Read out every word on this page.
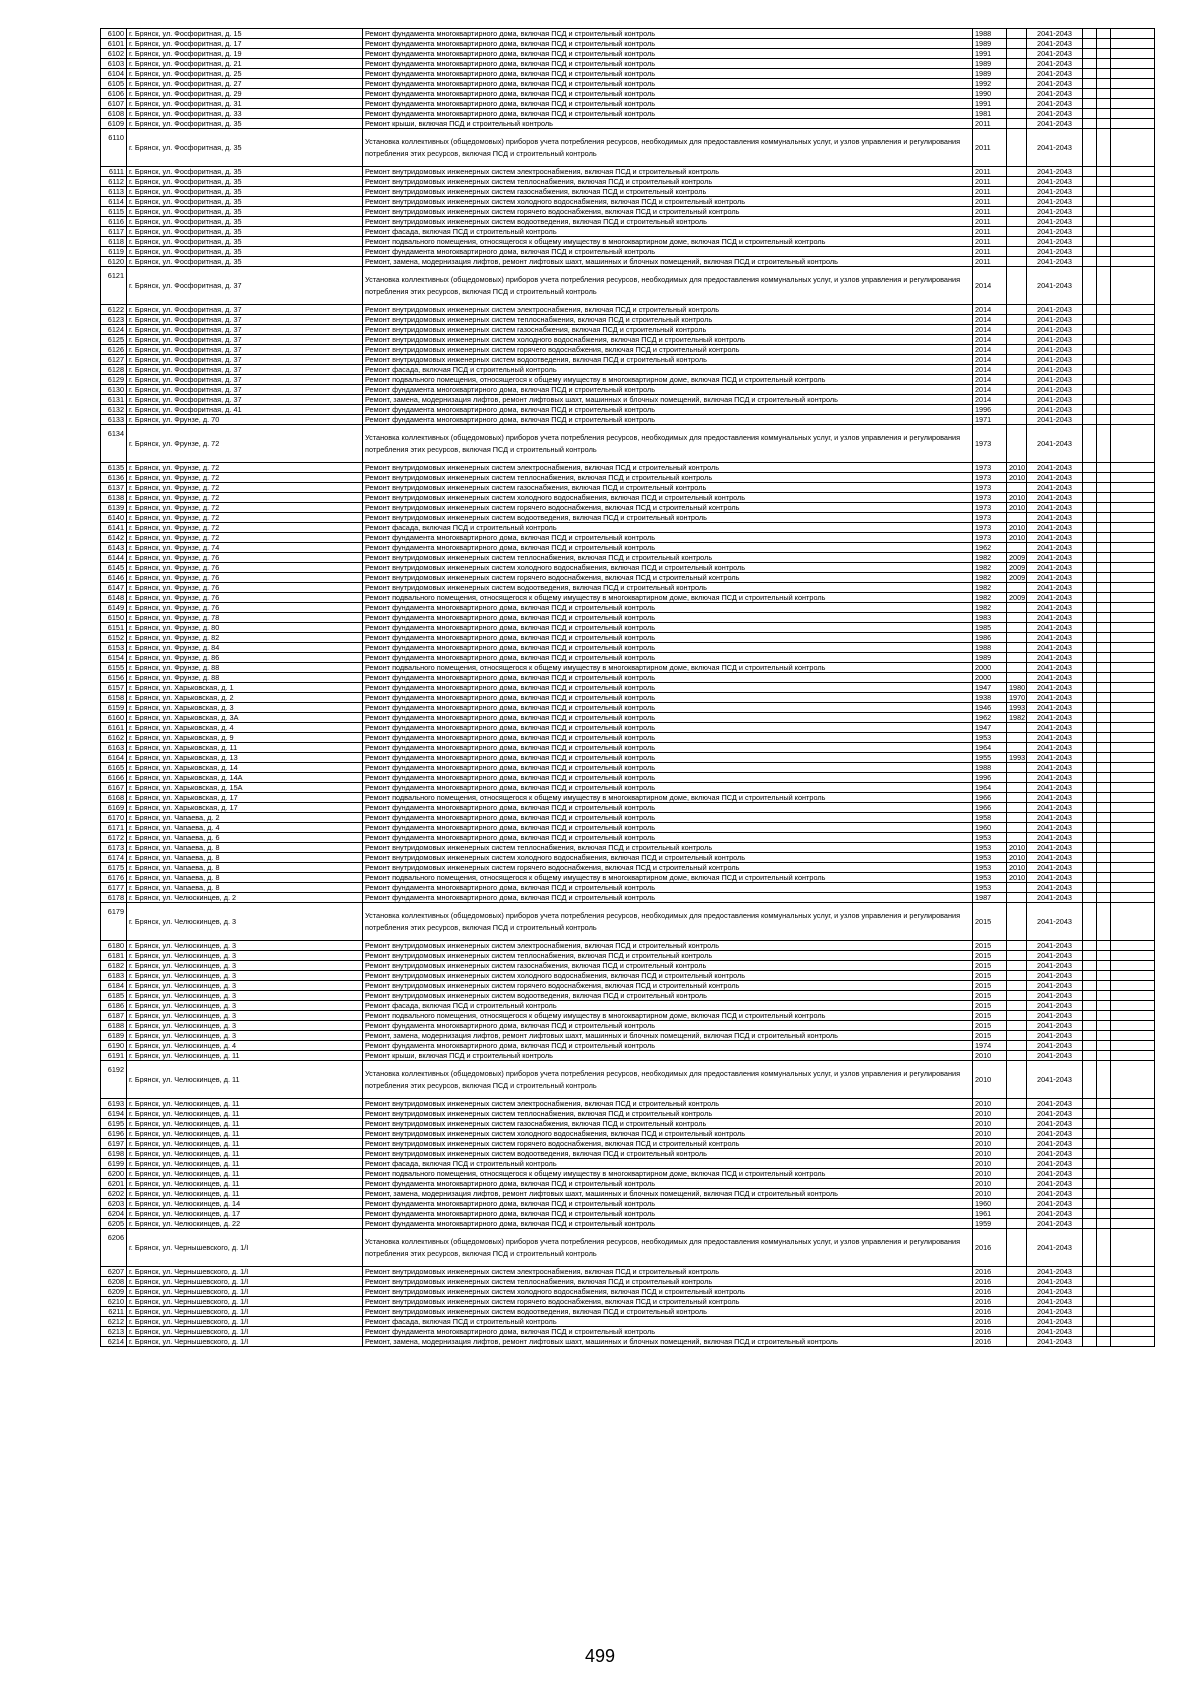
6100	г. Брянск, ул. Фосфоритная, д. 15	Ремонт фундамента многоквартирного дома, включая ПСД и строительный контроль	1988		2041-2043			
6101	г. Брянск, ул. Фосфоритная, д. 17	Ремонт фундамента многоквартирного дома, включая ПСД и строительный контроль	1989		2041-2043			
6102	г. Брянск, ул. Фосфоритная, д. 19	Ремонт фундамента многоквартирного дома, включая ПСД и строительный контроль	1991		2041-2043			
6103	г. Брянск, ул. Фосфоритная, д. 21	Ремонт фундамента многоквартирного дома, включая ПСД и строительный контроль	1989		2041-2043			
6104	г. Брянск, ул. Фосфоритная, д. 25	Ремонт фундамента многоквартирного дома, включая ПСД и строительный контроль	1989		2041-2043			
6105	г. Брянск, ул. Фосфоритная, д. 27	Ремонт фундамента многоквартирного дома, включая ПСД и строительный контроль	1992		2041-2043			
6106	г. Брянск, ул. Фосфоритная, д. 29	Ремонт фундамента многоквартирного дома, включая ПСД и строительный контроль	1990		2041-2043			
6107	г. Брянск, ул. Фосфоритная, д. 31	Ремонт фундамента многоквартирного дома, включая ПСД и строительный контроль	1991		2041-2043			
6108	г. Брянск, ул. Фосфоритная, д. 33	Ремонт фундамента многоквартирного дома, включая ПСД и строительный контроль	1981		2041-2043			
6109	г. Брянск, ул. Фосфоритная, д. 35	Ремонт крыши, включая ПСД и строительный контроль	2011		2041-2043			
6110	г. Брянск, ул. Фосфоритная, д. 35	Установка коллективных (общедомовых) приборов учета потребления ресурсов, необходимых для предоставления коммунальных услуг, и узлов управления и регулирования потребления этих ресурсов, включая ПСД и строительный контроль	2011		2041-2043			
6111	г. Брянск, ул. Фосфоритная, д. 35	Ремонт внутридомовых инженерных систем электроснабжения, включая ПСД и строительный контроль	2011		2041-2043			
6112	г. Брянск, ул. Фосфоритная, д. 35	Ремонт внутридомовых инженерных систем теплоснабжения, включая ПСД и строительный контроль	2011		2041-2043			
6113	г. Брянск, ул. Фосфоритная, д. 35	Ремонт внутридомовых инженерных систем газоснабжения, включая ПСД и строительный контроль	2011		2041-2043			
6114	г. Брянск, ул. Фосфоритная, д. 35	Ремонт внутридомовых инженерных систем холодного водоснабжения, включая ПСД и строительный контроль	2011		2041-2043			
6115	г. Брянск, ул. Фосфоритная, д. 35	Ремонт внутридомовых инженерных систем горячего водоснабжения, включая ПСД и строительный контроль	2011		2041-2043			
6116	г. Брянск, ул. Фосфоритная, д. 35	Ремонт внутридомовых инженерных систем водоотведения, включая ПСД и строительный контроль	2011		2041-2043			
6117	г. Брянск, ул. Фосфоритная, д. 35	Ремонт фасада, включая ПСД и строительный контроль	2011		2041-2043			
6118	г. Брянск, ул. Фосфоритная, д. 35	Ремонт подвального помещения, относящегося к общему имуществу в многоквартирном доме, включая ПСД и строительный контроль	2011		2041-2043			
6119	г. Брянск, ул. Фосфоритная, д. 35	Ремонт фундамента многоквартирного дома, включая ПСД и строительный контроль	2011		2041-2043			
6120	г. Брянск, ул. Фосфоритная, д. 35	Ремонт, замена, модернизация лифтов, ремонт лифтовых шахт, машинных и блочных помещений, включая ПСД и строительный контроль	2011		2041-2043			
6121	г. Брянск, ул. Фосфоритная, д. 37	Установка коллективных (общедомовых) приборов учета потребления ресурсов, необходимых для предоставления коммунальных услуг, и узлов управления и регулирования потребления этих ресурсов, включая ПСД и строительный контроль	2014		2041-2043			
6122	г. Брянск, ул. Фосфоритная, д. 37	Ремонт внутридомовых инженерных систем электроснабжения, включая ПСД и строительный контроль	2014		2041-2043			
6123	г. Брянск, ул. Фосфоритная, д. 37	Ремонт внутридомовых инженерных систем теплоснабжения, включая ПСД и строительный контроль	2014		2041-2043			
6124	г. Брянск, ул. Фосфоритная, д. 37	Ремонт внутридомовых инженерных систем газоснабжения, включая ПСД и строительный контроль	2014		2041-2043			
6125	г. Брянск, ул. Фосфоритная, д. 37	Ремонт внутридомовых инженерных систем холодного водоснабжения, включая ПСД и строительный контроль	2014		2041-2043			
6126	г. Брянск, ул. Фосфоритная, д. 37	Ремонт внутридомовых инженерных систем горячего водоснабжения, включая ПСД и строительный контроль	2014		2041-2043			
6127	г. Брянск, ул. Фосфоритная, д. 37	Ремонт внутридомовых инженерных систем водоотведения, включая ПСД и строительный контроль	2014		2041-2043			
6128	г. Брянск, ул. Фосфоритная, д. 37	Ремонт фасада, включая ПСД и строительный контроль	2014		2041-2043			
6129	г. Брянск, ул. Фосфоритная, д. 37	Ремонт подвального помещения, относящегося к общему имуществу в многоквартирном доме, включая ПСД и строительный контроль	2014		2041-2043			
6130	г. Брянск, ул. Фосфоритная, д. 37	Ремонт фундамента многоквартирного дома, включая ПСД и строительный контроль	2014		2041-2043			
6131	г. Брянск, ул. Фосфоритная, д. 37	Ремонт, замена, модернизация лифтов, ремонт лифтовых шахт, машинных и блочных помещений, включая ПСД и строительный контроль	2014		2041-2043			
6132	г. Брянск, ул. Фосфоритная, д. 41	Ремонт фундамента многоквартирного дома, включая ПСД и строительный контроль	1996		2041-2043			
6133	г. Брянск, ул. Фрунзе, д. 70	Ремонт фундамента многоквартирного дома, включая ПСД и строительный контроль	1971		2041-2043			
6134	г. Брянск, ул. Фрунзе, д. 72	Установка коллективных (общедомовых) приборов учета потребления ресурсов, необходимых для предоставления коммунальных услуг, и узлов управления и регулирования потребления этих ресурсов, включая ПСД и строительный контроль	1973		2041-2043			
6135	г. Брянск, ул. Фрунзе, д. 72	Ремонт внутридомовых инженерных систем электроснабжения, включая ПСД и строительный контроль	1973	2010	2041-2043			
6136	г. Брянск, ул. Фрунзе, д. 72	Ремонт внутридомовых инженерных систем теплоснабжения, включая ПСД и строительный контроль	1973	2010	2041-2043			
6137	г. Брянск, ул. Фрунзе, д. 72	Ремонт внутридомовых инженерных систем газоснабжения, включая ПСД и строительный контроль	1973		2041-2043			
6138	г. Брянск, ул. Фрунзе, д. 72	Ремонт внутридомовых инженерных систем холодного водоснабжения, включая ПСД и строительный контроль	1973	2010	2041-2043			
6139	г. Брянск, ул. Фрунзе, д. 72	Ремонт внутридомовых инженерных систем горячего водоснабжения, включая ПСД и строительный контроль	1973	2010	2041-2043			
6140	г. Брянск, ул. Фрунзе, д. 72	Ремонт внутридомовых инженерных систем водоотведения, включая ПСД и строительный контроль	1973		2041-2043			
6141	г. Брянск, ул. Фрунзе, д. 72	Ремонт фасада, включая ПСД и строительный контроль	1973	2010	2041-2043			
6142	г. Брянск, ул. Фрунзе, д. 72	Ремонт фундамента многоквартирного дома, включая ПСД и строительный контроль	1973	2010	2041-2043			
6143	г. Брянск, ул. Фрунзе, д. 74	Ремонт фундамента многоквартирного дома, включая ПСД и строительный контроль	1962		2041-2043			
6144	г. Брянск, ул. Фрунзе, д. 76	Ремонт внутридомовых инженерных систем теплоснабжения, включая ПСД и строительный контроль	1982	2009	2041-2043			
6145	г. Брянск, ул. Фрунзе, д. 76	Ремонт внутридомовых инженерных систем холодного водоснабжения, включая ПСД и строительный контроль	1982	2009	2041-2043			
6146	г. Брянск, ул. Фрунзе, д. 76	Ремонт внутридомовых инженерных систем горячего водоснабжения, включая ПСД и строительный контроль	1982	2009	2041-2043			
6147	г. Брянск, ул. Фрунзе, д. 76	Ремонт внутридомовых инженерных систем водоотведения, включая ПСД и строительный контроль	1982		2041-2043			
6148	г. Брянск, ул. Фрунзе, д. 76	Ремонт подвального помещения, относящегося к общему имуществу в многоквартирном доме, включая ПСД и строительный контроль	1982	2009	2041-2043			
6149	г. Брянск, ул. Фрунзе, д. 76	Ремонт фундамента многоквартирного дома, включая ПСД и строительный контроль	1982		2041-2043			
6150	г. Брянск, ул. Фрунзе, д. 78	Ремонт фундамента многоквартирного дома, включая ПСД и строительный контроль	1983		2041-2043			
6151	г. Брянск, ул. Фрунзе, д. 80	Ремонт фундамента многоквартирного дома, включая ПСД и строительный контроль	1985		2041-2043			
6152	г. Брянск, ул. Фрунзе, д. 82	Ремонт фундамента многоквартирного дома, включая ПСД и строительный контроль	1986		2041-2043			
6153	г. Брянск, ул. Фрунзе, д. 84	Ремонт фундамента многоквартирного дома, включая ПСД и строительный контроль	1988		2041-2043			
6154	г. Брянск, ул. Фрунзе, д. 86	Ремонт фундамента многоквартирного дома, включая ПСД и строительный контроль	1989		2041-2043			
6155	г. Брянск, ул. Фрунзе, д. 88	Ремонт подвального помещения, относящегося к общему имуществу в многоквартирном доме, включая ПСД и строительный контроль	2000		2041-2043			
6156	г. Брянск, ул. Фрунзе, д. 88	Ремонт фундамента многоквартирного дома, включая ПСД и строительный контроль	2000		2041-2043			
6157	г. Брянск, ул. Харьковская, д. 1	Ремонт фундамента многоквартирного дома, включая ПСД и строительный контроль	1947	1980	2041-2043			
6158	г. Брянск, ул. Харьковская, д. 2	Ремонт фундамента многоквартирного дома, включая ПСД и строительный контроль	1938	1970	2041-2043			
6159	г. Брянск, ул. Харьковская, д. 3	Ремонт фундамента многоквартирного дома, включая ПСД и строительный контроль	1946	1993	2041-2043			
6160	г. Брянск, ул. Харьковская, д. 3А	Ремонт фундамента многоквартирного дома, включая ПСД и строительный контроль	1962	1982	2041-2043			
6161	г. Брянск, ул. Харьковская, д. 4	Ремонт фундамента многоквартирного дома, включая ПСД и строительный контроль	1947		2041-2043			
6162	г. Брянск, ул. Харьковская, д. 9	Ремонт фундамента многоквартирного дома, включая ПСД и строительный контроль	1953		2041-2043			
6163	г. Брянск, ул. Харьковская, д. 11	Ремонт фундамента многоквартирного дома, включая ПСД и строительный контроль	1964		2041-2043			
6164	г. Брянск, ул. Харьковская, д. 13	Ремонт фундамента многоквартирного дома, включая ПСД и строительный контроль	1955	1993	2041-2043			
6165	г. Брянск, ул. Харьковская, д. 14	Ремонт фундамента многоквартирного дома, включая ПСД и строительный контроль	1988		2041-2043			
6166	г. Брянск, ул. Харьковская, д. 14А	Ремонт фундамента многоквартирного дома, включая ПСД и строительный контроль	1996		2041-2043			
6167	г. Брянск, ул. Харьковская, д. 15А	Ремонт фундамента многоквартирного дома, включая ПСД и строительный контроль	1964		2041-2043			
6168	г. Брянск, ул. Харьковская, д. 17	Ремонт подвального помещения, относящегося к общему имуществу в многоквартирном доме, включая ПСД и строительный контроль	1966		2041-2043			
6169	г. Брянск, ул. Харьковская, д. 17	Ремонт фундамента многоквартирного дома, включая ПСД и строительный контроль	1966		2041-2043			
6170	г. Брянск, ул. Чапаева, д. 2	Ремонт фундамента многоквартирного дома, включая ПСД и строительный контроль	1958		2041-2043			
6171	г. Брянск, ул. Чапаева, д. 4	Ремонт фундамента многоквартирного дома, включая ПСД и строительный контроль	1960		2041-2043			
6172	г. Брянск, ул. Чапаева, д. 6	Ремонт фундамента многоквартирного дома, включая ПСД и строительный контроль	1953		2041-2043			
6173	г. Брянск, ул. Чапаева, д. 8	Ремонт внутридомовых инженерных систем теплоснабжения, включая ПСД и строительный контроль	1953	2010	2041-2043			
6174	г. Брянск, ул. Чапаева, д. 8	Ремонт внутридомовых инженерных систем холодного водоснабжения, включая ПСД и строительный контроль	1953	2010	2041-2043			
6175	г. Брянск, ул. Чапаева, д. 8	Ремонт внутридомовых инженерных систем горячего водоснабжения, включая ПСД и строительный контроль	1953	2010	2041-2043			
6176	г. Брянск, ул. Чапаева, д. 8	Ремонт подвального помещения, относящегося к общему имуществу в многоквартирном доме, включая ПСД и строительный контроль	1953	2010	2041-2043			
6177	г. Брянск, ул. Чапаева, д. 8	Ремонт фундамента многоквартирного дома, включая ПСД и строительный контроль	1953		2041-2043			
6178	г. Брянск, ул. Челюскинцев, д. 2	Ремонт фундамента многоквартирного дома, включая ПСД и строительный контроль	1987		2041-2043			
6179	г. Брянск, ул. Челюскинцев, д. 3	Установка коллективных (общедомовых) приборов учета потребления ресурсов, необходимых для предоставления коммунальных услуг, и узлов управления и регулирования потребления этих ресурсов, включая ПСД и строительный контроль	2015		2041-2043			
6180	г. Брянск, ул. Челюскинцев, д. 3	Ремонт внутридомовых инженерных систем электроснабжения, включая ПСД и строительный контроль	2015		2041-2043			
6181	г. Брянск, ул. Челюскинцев, д. 3	Ремонт внутридомовых инженерных систем теплоснабжения, включая ПСД и строительный контроль	2015		2041-2043			
6182	г. Брянск, ул. Челюскинцев, д. 3	Ремонт внутридомовых инженерных систем газоснабжения, включая ПСД и строительный контроль	2015		2041-2043			
6183	г. Брянск, ул. Челюскинцев, д. 3	Ремонт внутридомовых инженерных систем холодного водоснабжения, включая ПСД и строительный контроль	2015		2041-2043			
6184	г. Брянск, ул. Челюскинцев, д. 3	Ремонт внутридомовых инженерных систем горячего водоснабжения, включая ПСД и строительный контроль	2015		2041-2043			
6185	г. Брянск, ул. Челюскинцев, д. 3	Ремонт внутридомовых инженерных систем водоотведения, включая ПСД и строительный контроль	2015		2041-2043			
6186	г. Брянск, ул. Челюскинцев, д. 3	Ремонт фасада, включая ПСД и строительный контроль	2015		2041-2043			
6187	г. Брянск, ул. Челюскинцев, д. 3	Ремонт подвального помещения, относящегося к общему имуществу в многоквартирном доме, включая ПСД и строительный контроль	2015		2041-2043			
6188	г. Брянск, ул. Челюскинцев, д. 3	Ремонт фундамента многоквартирного дома, включая ПСД и строительный контроль	2015		2041-2043			
6189	г. Брянск, ул. Челюскинцев, д. 3	Ремонт, замена, модернизация лифтов, ремонт лифтовых шахт, машинных и блочных помещений, включая ПСД и строительный контроль	2015		2041-2043			
6190	г. Брянск, ул. Челюскинцев, д. 4	Ремонт фундамента многоквартирного дома, включая ПСД и строительный контроль	1974		2041-2043			
6191	г. Брянск, ул. Челюскинцев, д. 11	Ремонт крыши, включая ПСД и строительный контроль	2010		2041-2043			
6192	г. Брянск, ул. Челюскинцев, д. 11	Установка коллективных (общедомовых) приборов учета потребления ресурсов, необходимых для предоставления коммунальных услуг, и узлов управления и регулирования потребления этих ресурсов, включая ПСД и строительный контроль	2010		2041-2043			
6193	г. Брянск, ул. Челюскинцев, д. 11	Ремонт внутридомовых инженерных систем электроснабжения, включая ПСД и строительный контроль	2010		2041-2043			
6194	г. Брянск, ул. Челюскинцев, д. 11	Ремонт внутридомовых инженерных систем теплоснабжения, включая ПСД и строительный контроль	2010		2041-2043			
6195	г. Брянск, ул. Челюскинцев, д. 11	Ремонт внутридомовых инженерных систем газоснабжения, включая ПСД и строительный контроль	2010		2041-2043			
6196	г. Брянск, ул. Челюскинцев, д. 11	Ремонт внутридомовых инженерных систем холодного водоснабжения, включая ПСД и строительный контроль	2010		2041-2043			
6197	г. Брянск, ул. Челюскинцев, д. 11	Ремонт внутридомовых инженерных систем горячего водоснабжения, включая ПСД и строительный контроль	2010		2041-2043			
6198	г. Брянск, ул. Челюскинцев, д. 11	Ремонт внутридомовых инженерных систем водоотведения, включая ПСД и строительный контроль	2010		2041-2043			
6199	г. Брянск, ул. Челюскинцев, д. 11	Ремонт фасада, включая ПСД и строительный контроль	2010		2041-2043			
6200	г. Брянск, ул. Челюскинцев, д. 11	Ремонт подвального помещения, относящегося к общему имуществу в многоквартирном доме, включая ПСД и строительный контроль	2010		2041-2043			
6201	г. Брянск, ул. Челюскинцев, д. 11	Ремонт фундамента многоквартирного дома, включая ПСД и строительный контроль	2010		2041-2043			
6202	г. Брянск, ул. Челюскинцев, д. 11	Ремонт, замена, модернизация лифтов, ремонт лифтовых шахт, машинных и блочных помещений, включая ПСД и строительный контроль	2010		2041-2043			
6203	г. Брянск, ул. Челюскинцев, д. 14	Ремонт фундамента многоквартирного дома, включая ПСД и строительный контроль	1960		2041-2043			
6204	г. Брянск, ул. Челюскинцев, д. 17	Ремонт фундамента многоквартирного дома, включая ПСД и строительный контроль	1961		2041-2043			
6205	г. Брянск, ул. Челюскинцев, д. 22	Ремонт фундамента многоквартирного дома, включая ПСД и строительный контроль	1959		2041-2043			
6206	г. Брянск, ул. Чернышевского, д. 1/I	Установка коллективных (общедомовых) приборов учета потребления ресурсов, необходимых для предоставления коммунальных услуг, и узлов управления и регулирования потребления этих ресурсов, включая ПСД и строительный контроль	2016		2041-2043			
6207	г. Брянск, ул. Чернышевского, д. 1/I	Ремонт внутридомовых инженерных систем электроснабжения, включая ПСД и строительный контроль	2016		2041-2043			
6208	г. Брянск, ул. Чернышевского, д. 1/I	Ремонт внутридомовых инженерных систем теплоснабжения, включая ПСД и строительный контроль	2016		2041-2043			
6209	г. Брянск, ул. Чернышевского, д. 1/I	Ремонт внутридомовых инженерных систем холодного водоснабжения, включая ПСД и строительный контроль	2016		2041-2043			
6210	г. Брянск, ул. Чернышевского, д. 1/I	Ремонт внутридомовых инженерных систем горячего водоснабжения, включая ПСД и строительный контроль	2016		2041-2043			
6211	г. Брянск, ул. Чернышевского, д. 1/I	Ремонт внутридомовых инженерных систем водоотведения, включая ПСД и строительный контроль	2016		2041-2043			
6212	г. Брянск, ул. Чернышевского, д. 1/I	Ремонт фасада, включая ПСД и строительный контроль	2016		2041-2043			
6213	г. Брянск, ул. Чернышевского, д. 1/I	Ремонт фундамента многоквартирного дома, включая ПСД и строительный контроль	2016		2041-2043			
6214	г. Брянск, ул. Чернышевского, д. 1/I	Ремонт, замена, модернизация лифтов, ремонт лифтовых шахт, машинных и блочных помещений, включая ПСД и строительный контроль	2016		2041-2043			
499
